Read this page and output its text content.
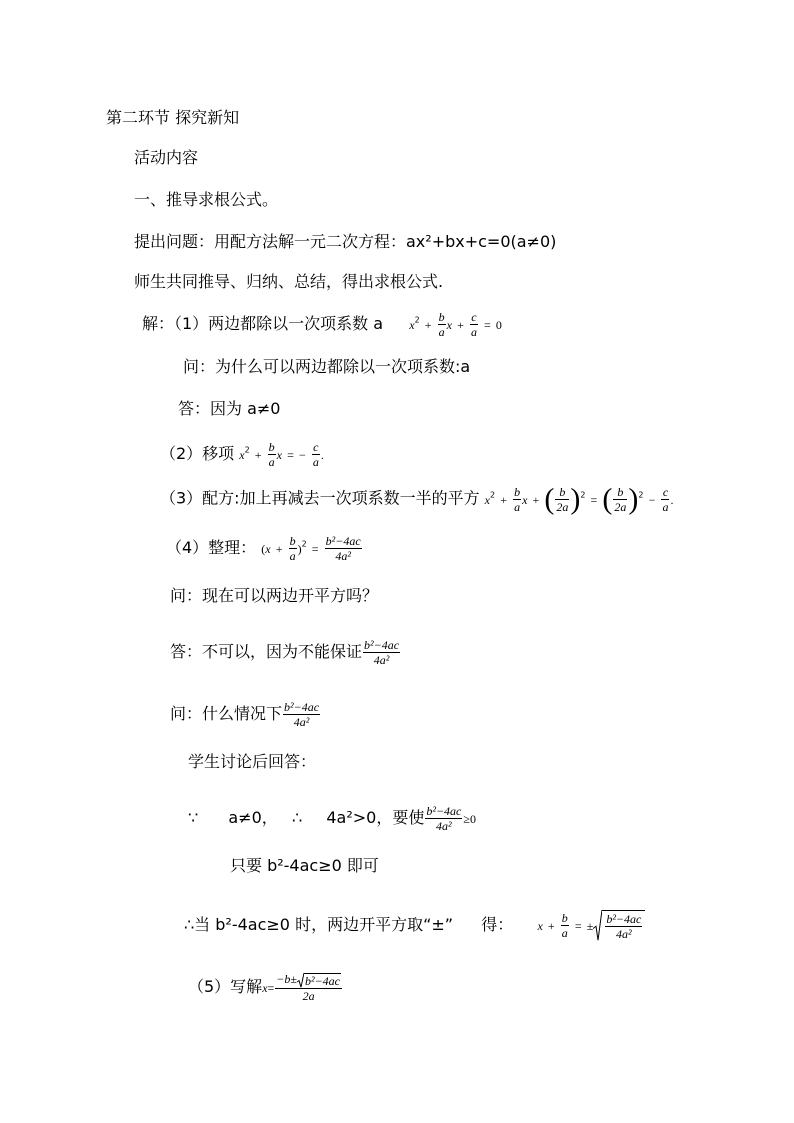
第二环节 探究新知
活动内容
一、推导求根公式。
提出问题：用配方法解一元二次方程：ax²+bx+c=0(a≠0)
师生共同推导、归纳、总结，得出求根公式.
解：（1）两边都除以一次项系数 a $x^2 + \frac{b}{a}$ $x + \frac{c}{a} = 0$
问：为什么可以两边都除以一次项系数:a
答：因为 a≠0
（2）移项 $x^2 + \frac{b}{a}$ x = − $\frac{c}{a}$ .
（3）配方:加上再减去一次项系数一半的平方 $x^2 + \frac{b}{a}$ x + ( $\frac{b}{2a} )^2$ = ( $\frac{b}{2a} )^2 - \frac{c}{a}$ .
（4）整理： $(x + \frac{b}{a} )^2 = \frac{\text{b²−4ac}}{\text{4a²}}$
问：现在可以两边开平方吗？
答：不可以，因为不能保证 $\frac{\text{b²−4ac}}{\text{4a²}}$
问：什么情况下 $\frac{\text{b²−4ac}}{\text{4a²}}$
学生讨论后回答：
∵ a≠0， ∴ 4a²>0，要使 $\frac{\text{b²−4ac}}{\text{4a²}} \ge 0$
只要 b²-4ac≥0 即可
∴当 b²-4ac≥0 时，两边开平方取“±” 得： $x + \frac{b}{a}$ = ± $\frac{\text{b²−4ac}}{\text{4a²}}$
（5）写解$x= \frac{\text{−b± b²−4ac}}{2a}$
